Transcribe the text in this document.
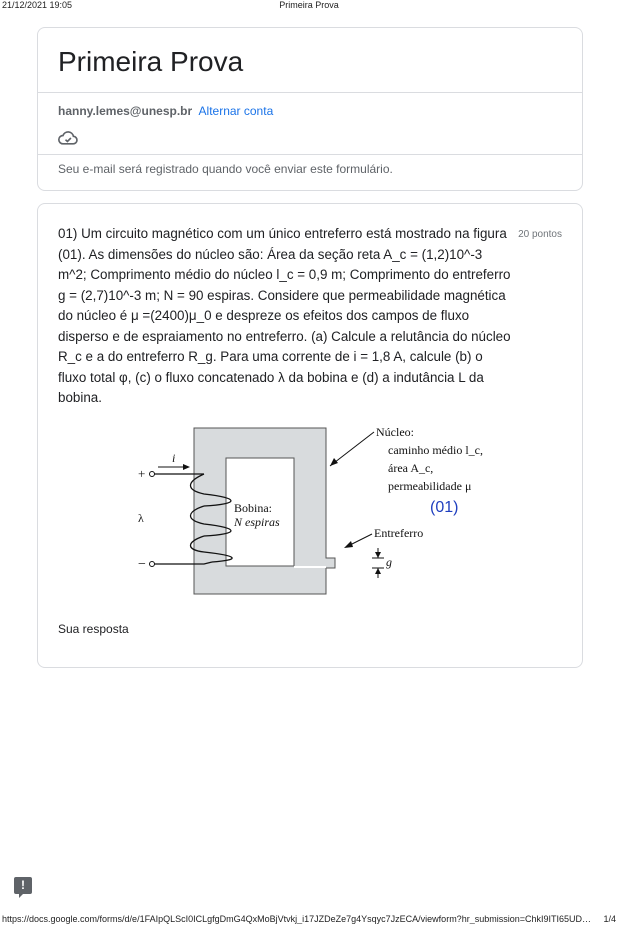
21/12/2021 19:05	Primeira Prova
Primeira Prova
hanny.lemes@unesp.br Alternar conta
Seu e-mail será registrado quando você enviar este formulário.
01) Um circuito magnético com um único entreferro está mostrado na figura (01). As dimensões do núcleo são: Área da seção reta A_c = (1,2)10^-3 m^2; Comprimento médio do núcleo l_c = 0,9 m; Comprimento do entreferro g = (2,7)10^-3 m; N = 90 espiras. Considere que permeabilidade magnética do núcleo é μ =(2400)μ_0 e despreze os efeitos dos campos de fluxo disperso e de espraiamento no entreferro. (a) Calcule a relutância do núcleo R_c e a do entreferro R_g. Para uma corrente de i = 1,8 A, calcule (b) o fluxo total φ, (c) o fluxo concatenado λ da bobina e (d) a indutância L da bobina.
20 pontos
i
+
λ
−
Bobina:
N espiras
Núcleo:
caminho médio l_c,
área A_c,
permeabilidade μ
Entreferro
g
(01)
Sua resposta
!
https://docs.google.com/forms/d/e/1FAIpQLScI0ICLgfgDmG4QxMoBjVtvkj_i17JZDeZe7g4Ysqyc7JzECA/viewform?hr_submission=ChkI9ITI65UD… 1/4
